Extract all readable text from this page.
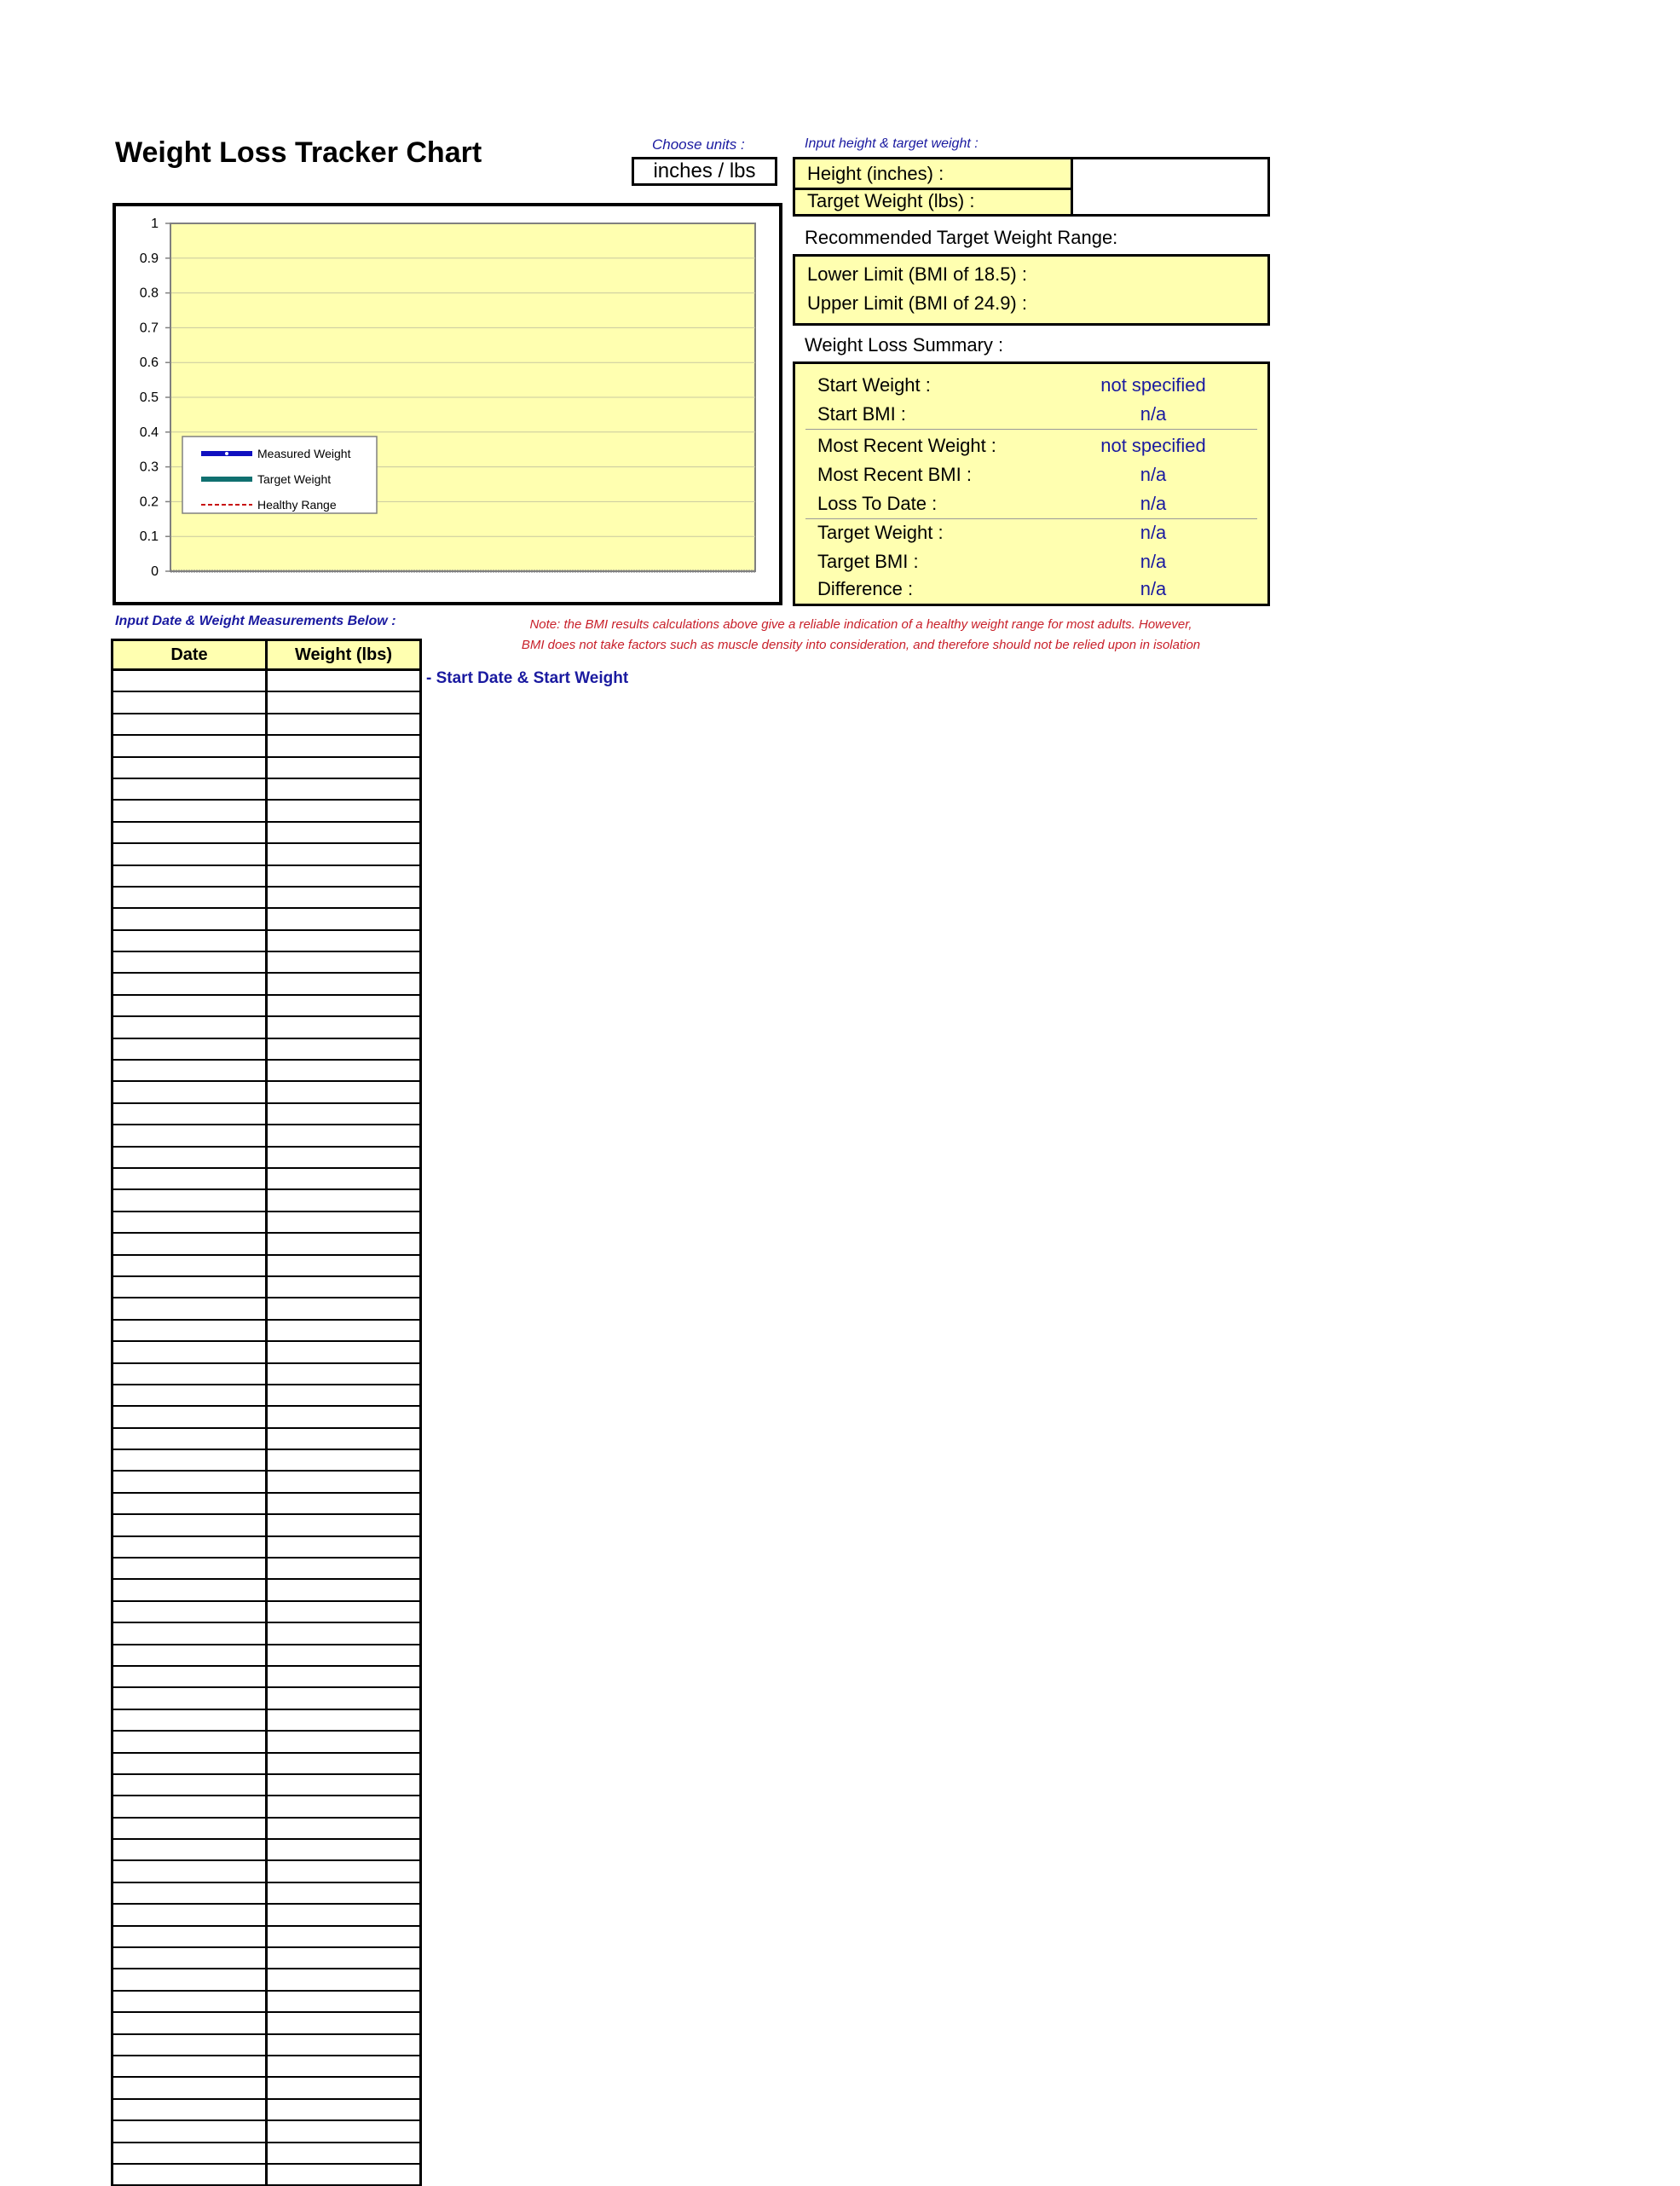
Weight Loss Tracker Chart	Choose units :
inches / lbs
Input height & target weight :
Height (inches) :
Target Weight (lbs) :
Recommended Target Weight Range:
Lower Limit (BMI of 18.5) :
Upper Limit (BMI of 24.9) :
Weight Loss Summary :
Start Weight :	not specified
Start BMI :	n/a
Most Recent Weight :	not specified
Most Recent BMI :	n/a
Loss To Date :	n/a
Target Weight :	n/a
Target BMI :	n/a
Difference :	n/a
0
0.1
0.2
0.3
0.4
0.5
0.6
0.7
0.8
0.9
1
Measured Weight
Target Weight
Healthy Range
Input Date & Weight Measurements Below :	Note: the BMI results calculations above give a reliable indication of a healthy weight range for most adults. However,
BMI does not take factors such as muscle density into consideration, and therefore should not be relied upon in isolation
Date	Weight (lbs)

- Start Date & Start Weight
